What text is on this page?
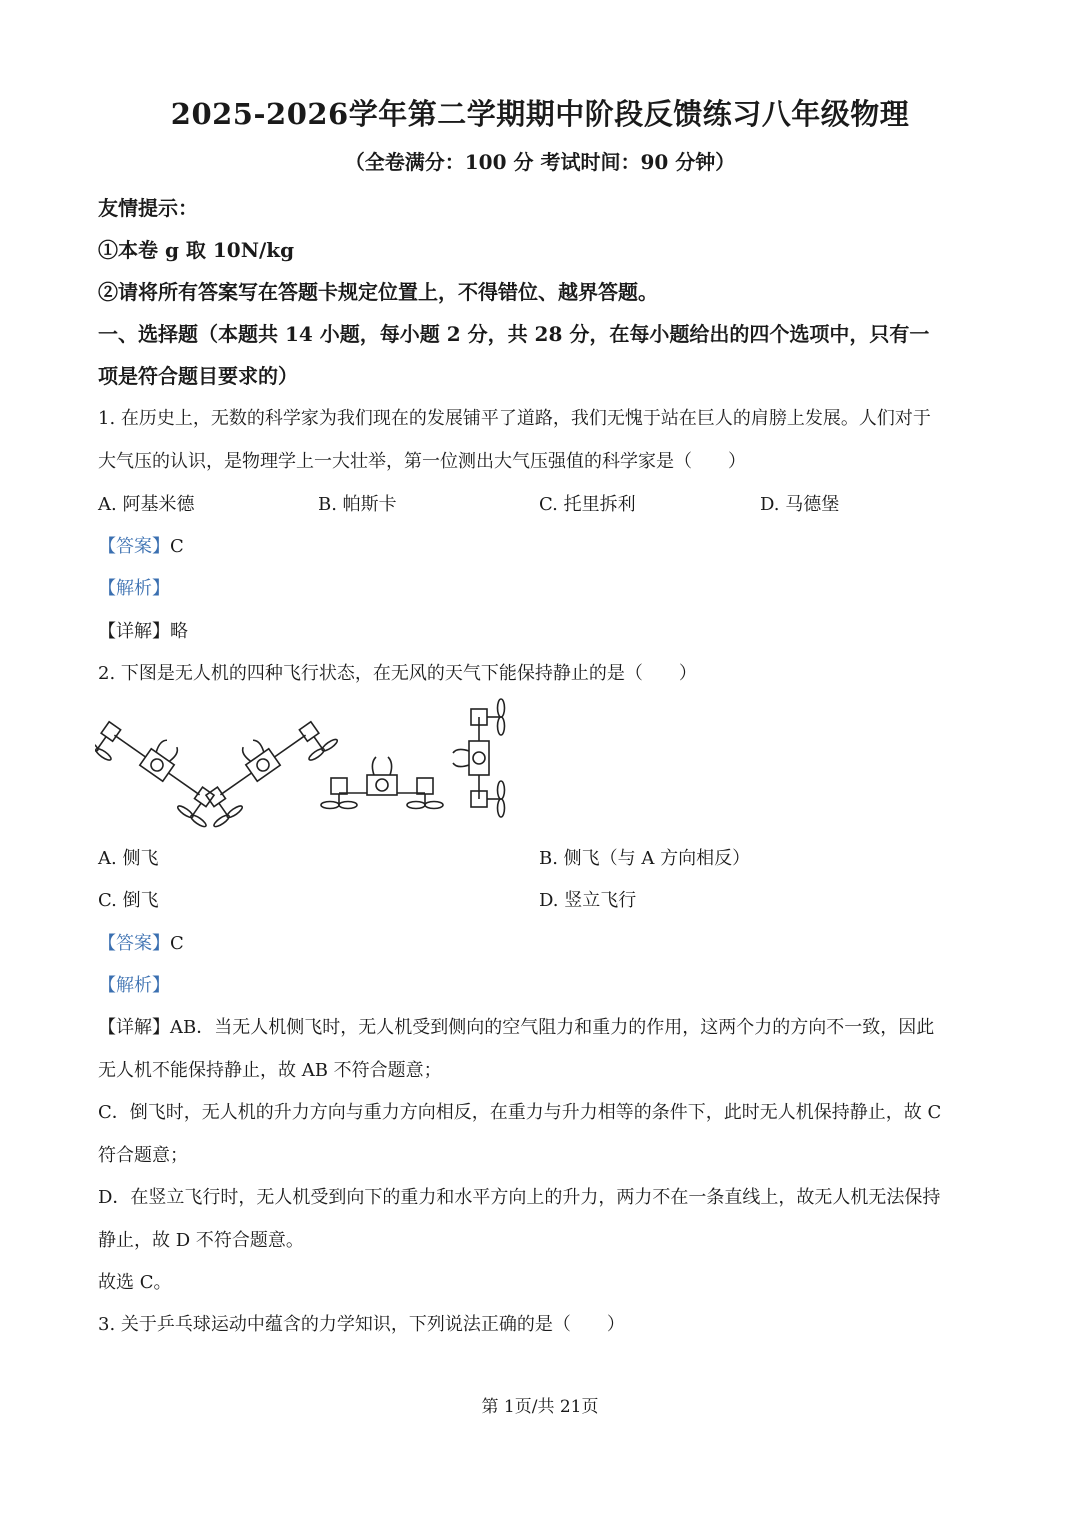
2025-2026学年第二学期期中阶段反馈练习八年级物理
（全卷满分：100 分 考试时间：90 分钟）
友情提示：
①本卷 g 取 10N/kg
②请将所有答案写在答题卡规定位置上，不得错位、越界答题。
一、选择题（本题共 14 小题，每小题 2 分，共 28 分，在每小题给出的四个选项中，只有一
项是符合题目要求的）
1. 在历史上，无数的科学家为我们现在的发展铺平了道路，我们无愧于站在巨人的肩膀上发展。人们对于
大气压的认识，是物理学上一大壮举，第一位测出大气压强值的科学家是（　　）
A. 阿基米德	B. 帕斯卡	C. 托里拆利	D. 马德堡
【答案】C
【解析】
【详解】略
2. 下图是无人机的四种飞行状态，在无风的天气下能保持静止的是（　　）
A. 侧飞	B. 侧飞（与 A 方向相反）
C. 倒飞	D. 竖立飞行
【答案】C
【解析】
【详解】AB．当无人机侧飞时，无人机受到侧向的空气阻力和重力的作用，这两个力的方向不一致，因此
无人机不能保持静止，故 AB 不符合题意；
C．倒飞时，无人机的升力方向与重力方向相反，在重力与升力相等的条件下，此时无人机保持静止，故 C
符合题意；
D．在竖立飞行时，无人机受到向下的重力和水平方向上的升力，两力不在一条直线上，故无人机无法保持
静止，故 D 不符合题意。
故选 C。
3. 关于乒乓球运动中蕴含的力学知识，下列说法正确的是（　　）
第 1页/共 21页
